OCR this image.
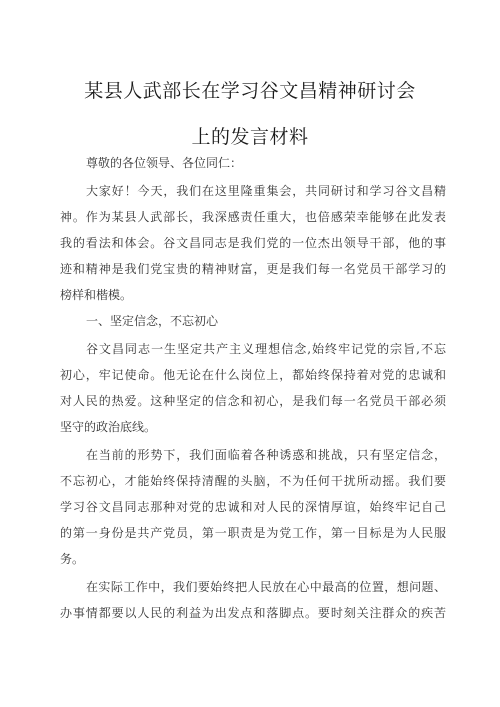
某县人武部长在学习谷文昌精神研讨会
上的发言材料
尊敬的各位领导、各位同仁：
大家好！今天，我们在这里隆重集会，共同研讨和学习谷文昌精
神。作为某县人武部长，我深感责任重大，也倍感荣幸能够在此发表
我的看法和体会。谷文昌同志是我们党的一位杰出领导干部，他的事
迹和精神是我们党宝贵的精神财富，更是我们每一名党员干部学习的
榜样和楷模。
一、坚定信念，不忘初心
谷文昌同志一生坚定共产主义理想信念,始终牢记党的宗旨,不忘
初心，牢记使命。他无论在什么岗位上，都始终保持着对党的忠诚和
对人民的热爱。这种坚定的信念和初心，是我们每一名党员干部必须
坚守的政治底线。
在当前的形势下，我们面临着各种诱惑和挑战，只有坚定信念，
不忘初心，才能始终保持清醒的头脑，不为任何干扰所动摇。我们要
学习谷文昌同志那种对党的忠诚和对人民的深情厚谊，始终牢记自己
的第一身份是共产党员，第一职责是为党工作，第一目标是为人民服
务。
在实际工作中，我们要始终把人民放在心中最高的位置，想问题、
办事情都要以人民的利益为出发点和落脚点。要时刻关注群众的疾苦
